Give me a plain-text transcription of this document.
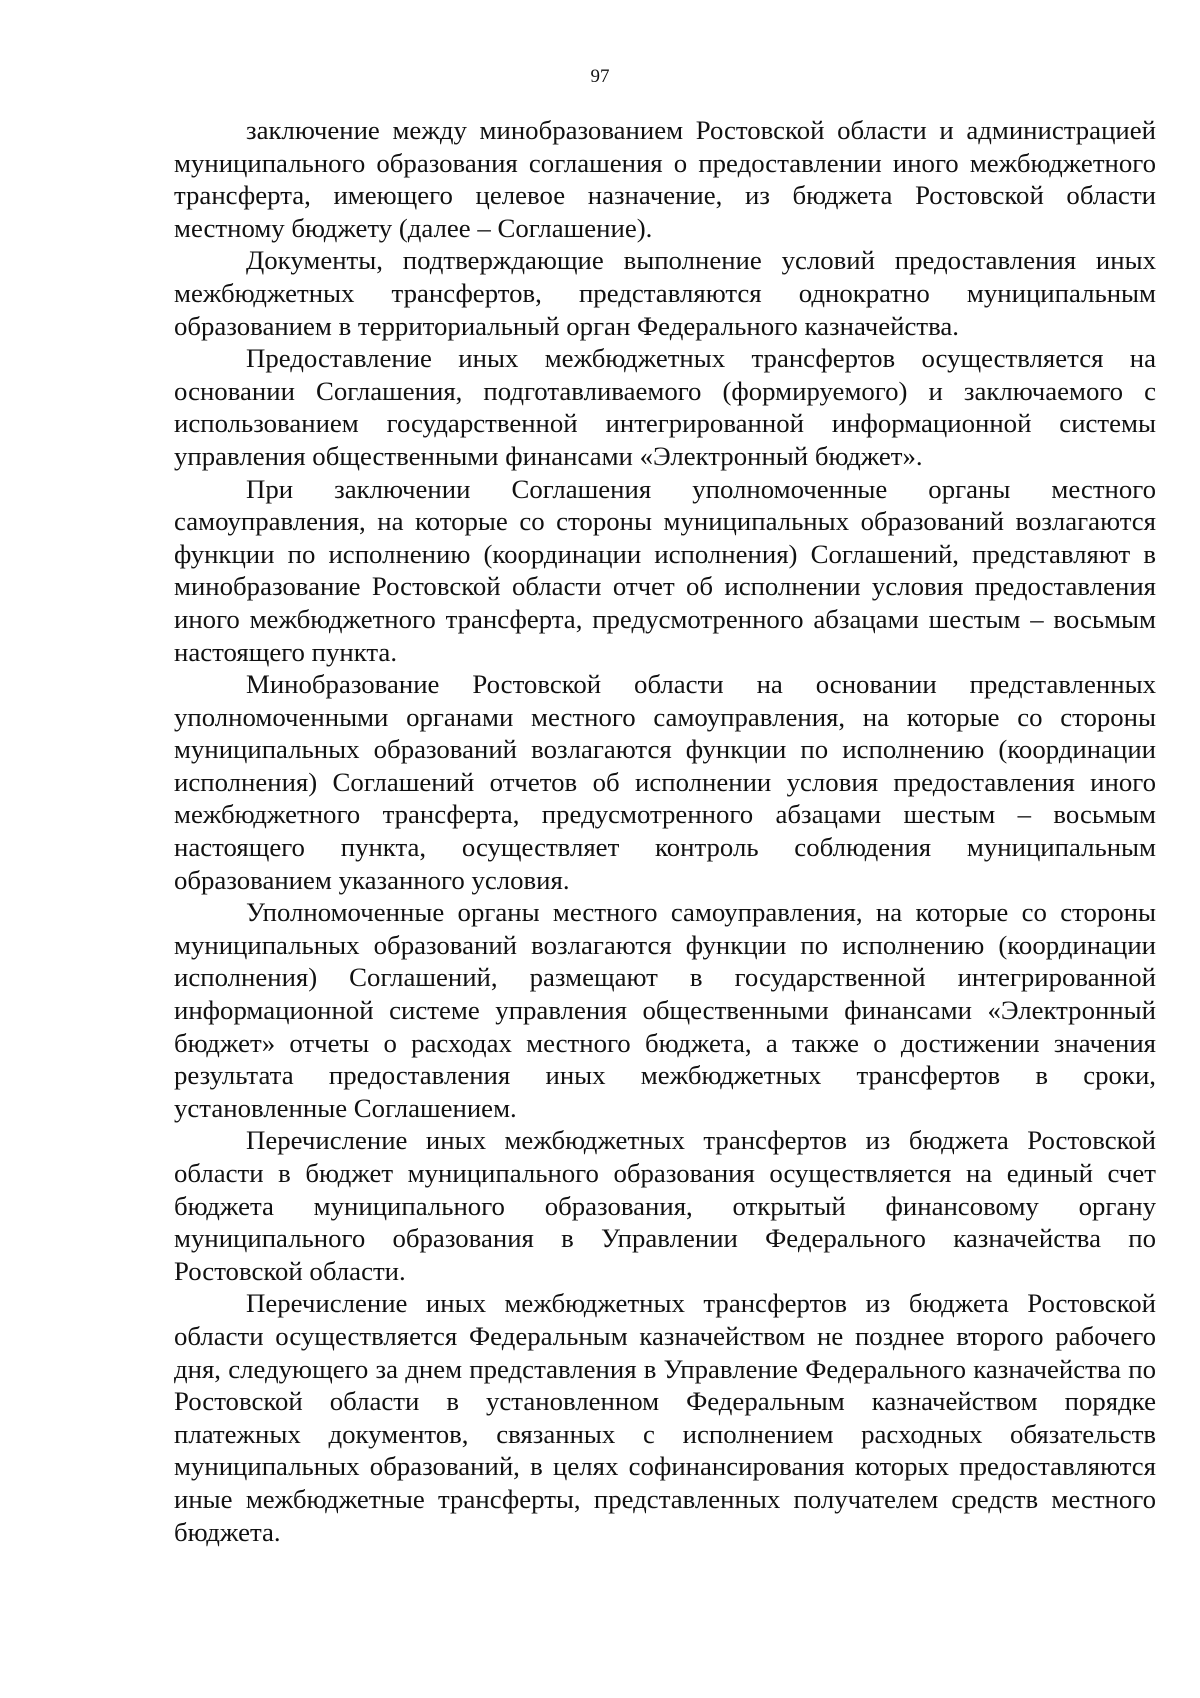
97

заключение между минобразованием Ростовской области и администрацией муниципального образования соглашения о предоставлении иного межбюджетного трансферта, имеющего целевое назначение, из бюджета Ростовской области местному бюджету (далее – Соглашение).

Документы, подтверждающие выполнение условий предоставления иных межбюджетных трансфертов, представляются однократно муниципальным образованием в территориальный орган Федерального казначейства.

Предоставление иных межбюджетных трансфертов осуществляется на основании Соглашения, подготавливаемого (формируемого) и заключаемого с использованием государственной интегрированной информационной системы управления общественными финансами «Электронный бюджет».

При заключении Соглашения уполномоченные органы местного самоуправления, на которые со стороны муниципальных образований возлагаются функции по исполнению (координации исполнения) Соглашений, представляют в минобразование Ростовской области отчет об исполнении условия предоставления иного межбюджетного трансферта, предусмотренного абзацами шестым – восьмым настоящего пункта.

Минобразование Ростовской области на основании представленных уполномоченными органами местного самоуправления, на которые со стороны муниципальных образований возлагаются функции по исполнению (координации исполнения) Соглашений отчетов об исполнении условия предоставления иного межбюджетного трансферта, предусмотренного абзацами шестым – восьмым настоящего пункта, осуществляет контроль соблюдения муниципальным образованием указанного условия.

Уполномоченные органы местного самоуправления, на которые со стороны муниципальных образований возлагаются функции по исполнению (координации исполнения) Соглашений, размещают в государственной интегрированной информационной системе управления общественными финансами «Электронный бюджет» отчеты о расходах местного бюджета, а также о достижении значения результата предоставления иных межбюджетных трансфертов в сроки, установленные Соглашением.

Перечисление иных межбюджетных трансфертов из бюджета Ростовской области в бюджет муниципального образования осуществляется на единый счет бюджета муниципального образования, открытый финансовому органу муниципального образования в Управлении Федерального казначейства по Ростовской области.

Перечисление иных межбюджетных трансфертов из бюджета Ростовской области осуществляется Федеральным казначейством не позднее второго рабочего дня, следующего за днем представления в Управление Федерального казначейства по Ростовской области в установленном Федеральным казначейством порядке платежных документов, связанных с исполнением расходных обязательств муниципальных образований, в целях софинансирования которых предоставляются иные межбюджетные трансферты, представленных получателем средств местного бюджета.
